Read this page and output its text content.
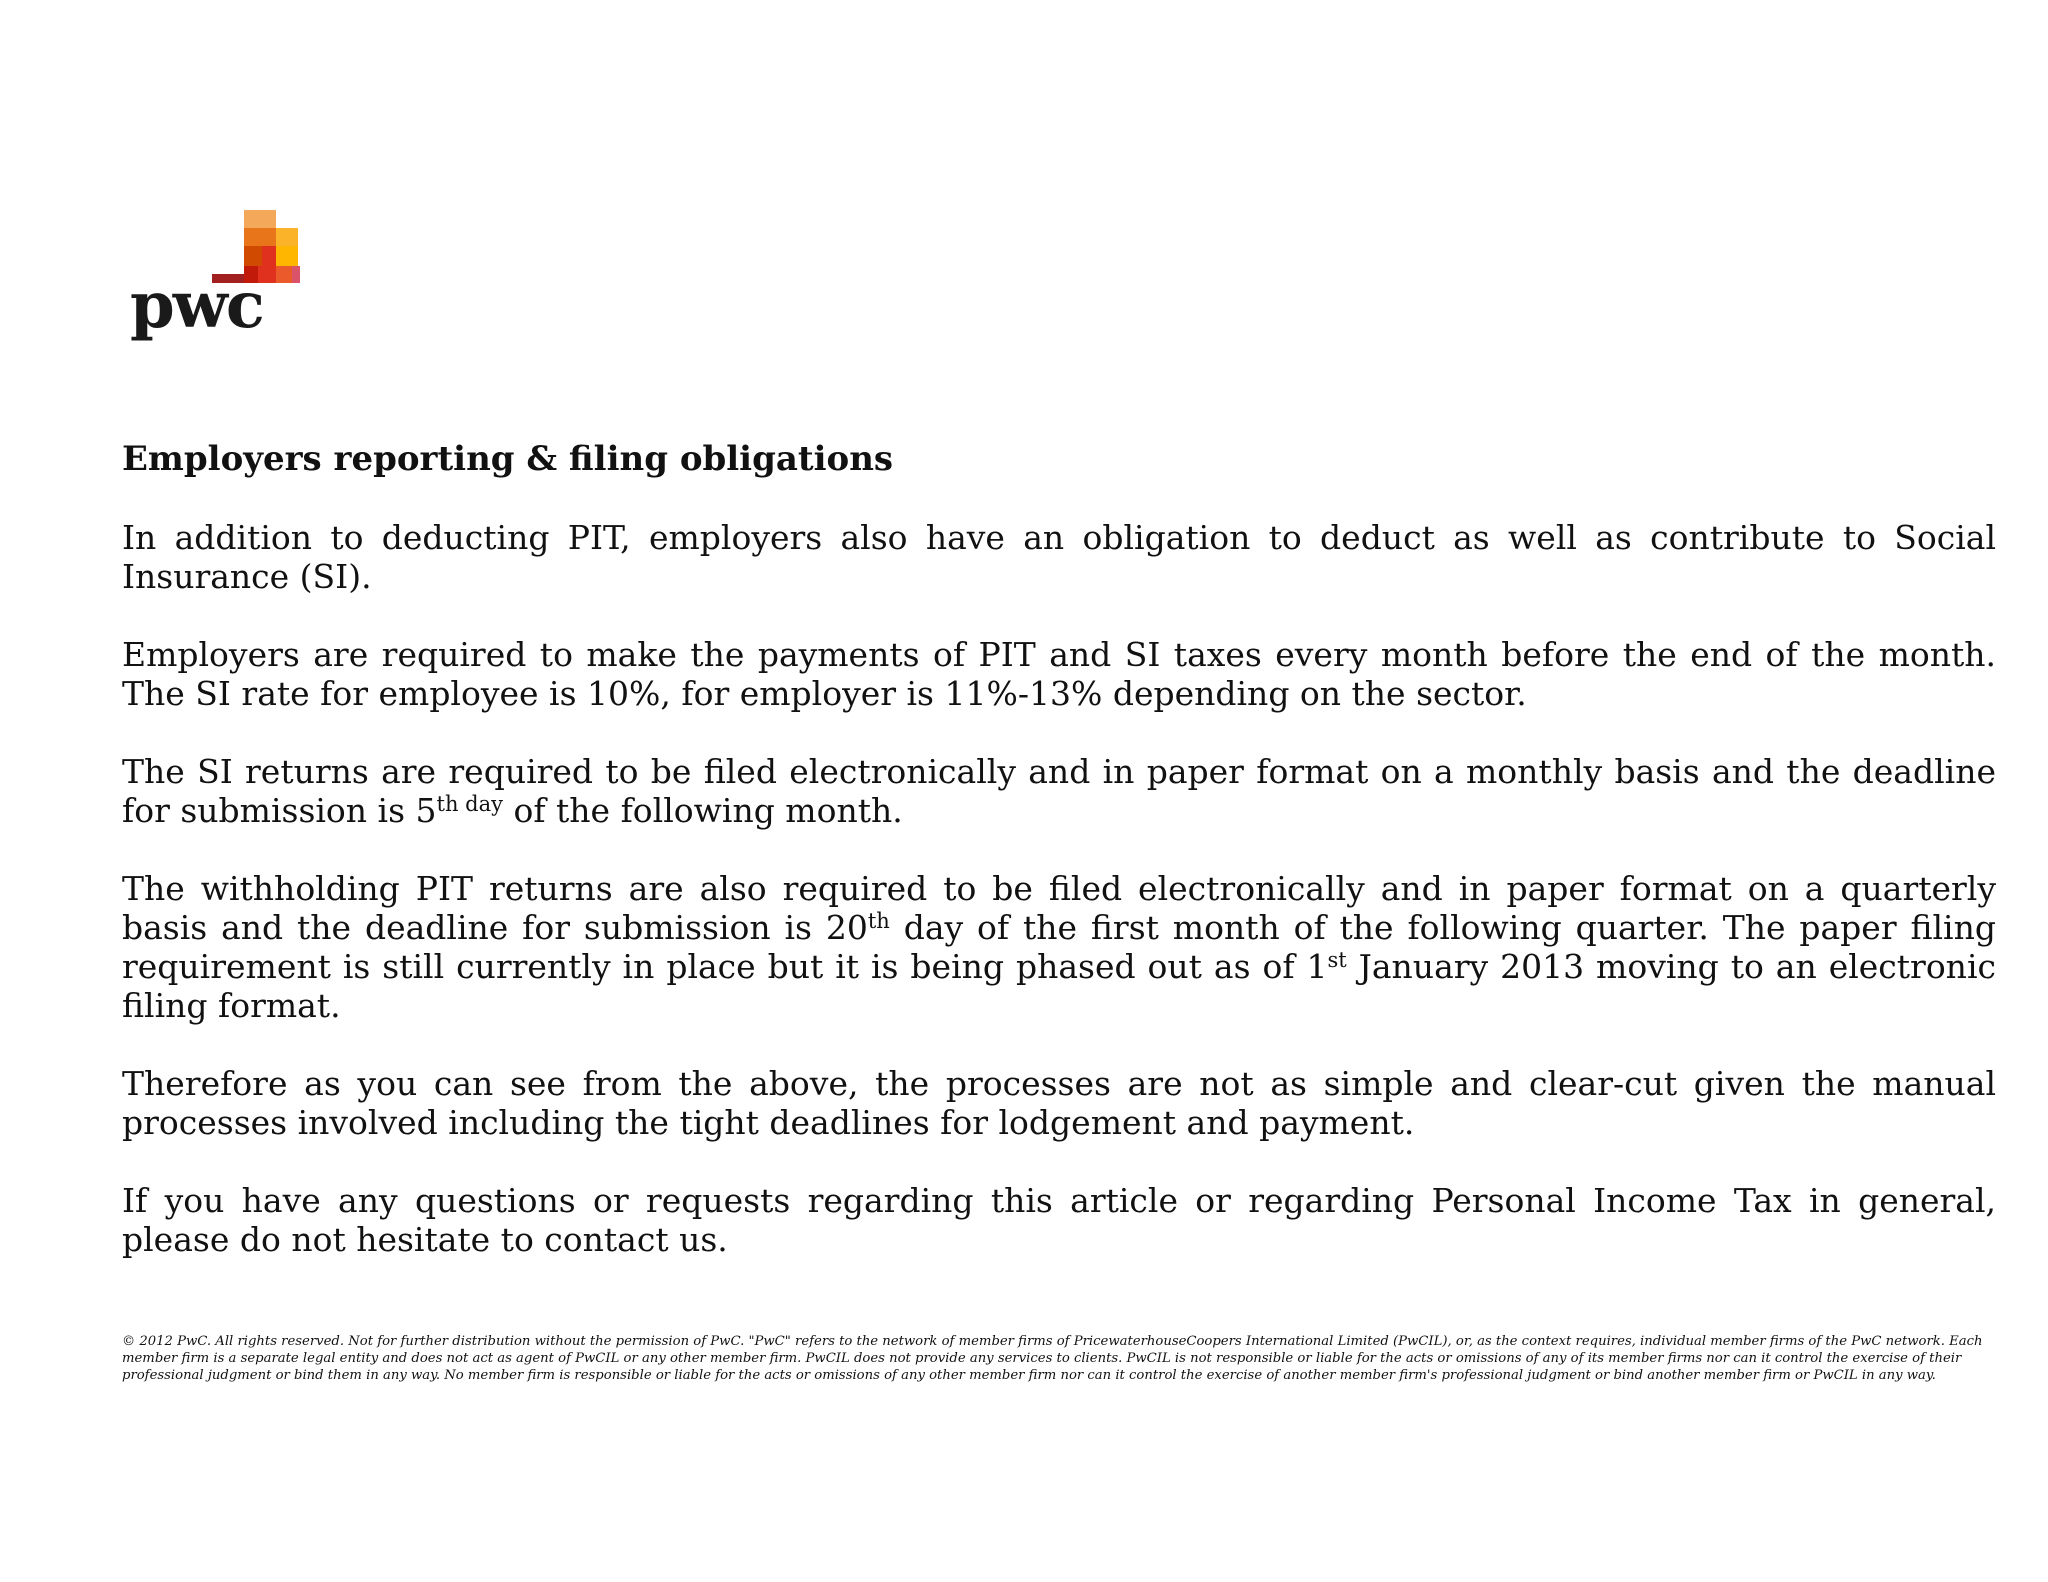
pwc
Employers reporting & filing obligations

In addition to deducting PIT, employers also have an obligation to deduct as well as contribute to Social Insurance (SI).

Employers are required to make the payments of PIT and SI taxes every month before the end of the month. The SI rate for employee is 10%, for employer is 11%-13% depending on the sector.

The SI returns are required to be filed electronically and in paper format on a monthly basis and the deadline for submission is $5^{th day}$ of the following month.

The withholding PIT returns are also required to be filed electronically and in paper format on a quarterly basis and the deadline for submission is 20th day of the first month of the following quarter. The paper filing requirement is still currently in place but it is being phased out as of 1st January 2013 moving to an electronic filing format.

Therefore as you can see from the above, the processes are not as simple and clear-cut given the manual processes involved including the tight deadlines for lodgement and payment.

If you have any questions or requests regarding this article or regarding Personal Income Tax in general, please do not hesitate to contact us.

© 2012 PwC. All rights reserved. Not for further distribution without the permission of PwC. "PwC" refers to the network of member firms of PricewaterhouseCoopers International Limited (PwCIL), or, as the context requires, individual member firms of the PwC network. Each
member firm is a separate legal entity and does not act as agent of PwCIL or any other member firm. PwCIL does not provide any services to clients. PwCIL is not responsible or liable for the acts or omissions of any of its member firms nor can it control the exercise of their
professional judgment or bind them in any way. No member firm is responsible or liable for the acts or omissions of any other member firm nor can it control the exercise of another member firm's professional judgment or bind another member firm or PwCIL in any way.
